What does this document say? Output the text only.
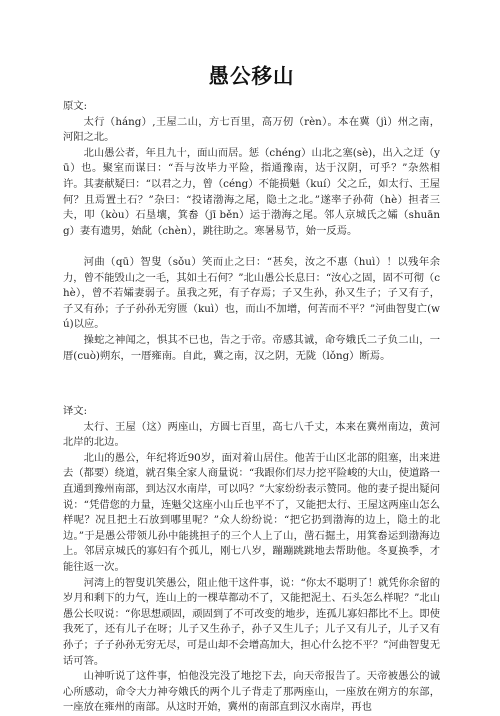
愚公移山
原文:

太行（háng）,王屋二山，方七百里，高万仞（rèn）。本在冀（jì）州之南，河阳之北。

北山愚公者，年且九十，面山而居。惩（chéng）山北之塞(sè)，出入之迂（yū）也。聚室而谋曰：“吾与汝毕力平险，指通豫南，达于汉阴，可乎？”杂然相许。其妻献疑曰：“以君之力，曾（céng）不能损魁（kuí）父之丘，如太行、王屋何？且焉置土石？”杂曰：“投诸渤海之尾，隐土之北。”遂率子孙荷（hè）担者三夫，叩（kòu）石垦壤，箕畚（jī běn）运于渤海之尾。邻人京城氏之孀（shuāng）妻有遗男，始龀（chèn），跳往助之。寒暑易节，始一反焉。

河曲（qū）智叟（sǒu）笑而止之曰：“甚矣，汝之不惠（huì）！以残年余力，曾不能毁山之一毛，其如土石何？”北山愚公长息曰：“汝心之固，固不可彻（chè），曾不若孀妻弱子。虽我之死，有子存焉；子又生孙，孙又生子；子又有子，子又有孙；子子孙孙无穷匮（kuì）也，而山不加增，何苦而不平？”河曲智叟亡(wú)以应。

操蛇之神闻之，惧其不已也，告之于帝。帝感其诚，命夸娥氏二子负二山，一厝(cuò)朔东，一厝雍南。自此，冀之南，汉之阴，无陇（lǒng）断焉。

译文:

太行、王屋（这）两座山，方圆七百里，高七八千丈，本来在冀州南边，黄河北岸的北边。

北山的愚公，年纪将近90岁，面对着山居住。他苦于山区北部的阻塞，出来进去（都要）绕道，就召集全家人商量说：“我跟你们尽力挖平险峻的大山，使道路一直通到豫州南部，到达汉水南岸，可以吗？”大家纷纷表示赞同。他的妻子提出疑问说：“凭借您的力量，连魁父这座小山丘也平不了，又能把太行、王屋这两座山怎么样呢？况且把土石放到哪里呢？”众人纷纷说：“把它扔到渤海的边上，隐土的北边。”于是愚公带领儿孙中能挑担子的三个人上了山，凿石掘土，用箕畚运到渤海边上。邻居京城氏的寡妇有个孤儿，刚七八岁，蹦蹦跳跳地去帮助他。冬夏换季，才能往返一次。

河湾上的智叟讥笑愚公，阻止他干这件事，说：“你太不聪明了！就凭你余留的岁月和剩下的力气，连山上的一棵草都动不了，又能把泥土、石头怎么样呢？”北山愚公长叹说：“你思想顽固，顽固到了不可改变的地步，连孤儿寡妇都比不上。即使我死了，还有儿子在呀；儿子又生孙子，孙子又生儿子；儿子又有儿子，儿子又有孙子；子子孙孙无穷无尽，可是山却不会增高加大，担心什么挖不平？”河曲智叟无话可答。

山神听说了这件事，怕他没完没了地挖下去，向天帝报告了。天帝被愚公的诚心所感动，命令大力神夸娥氏的两个儿子背走了那两座山，一座放在朔方的东部，一座放在雍州的南部。从这时开始，冀州的南部直到汉水南岸，再也
